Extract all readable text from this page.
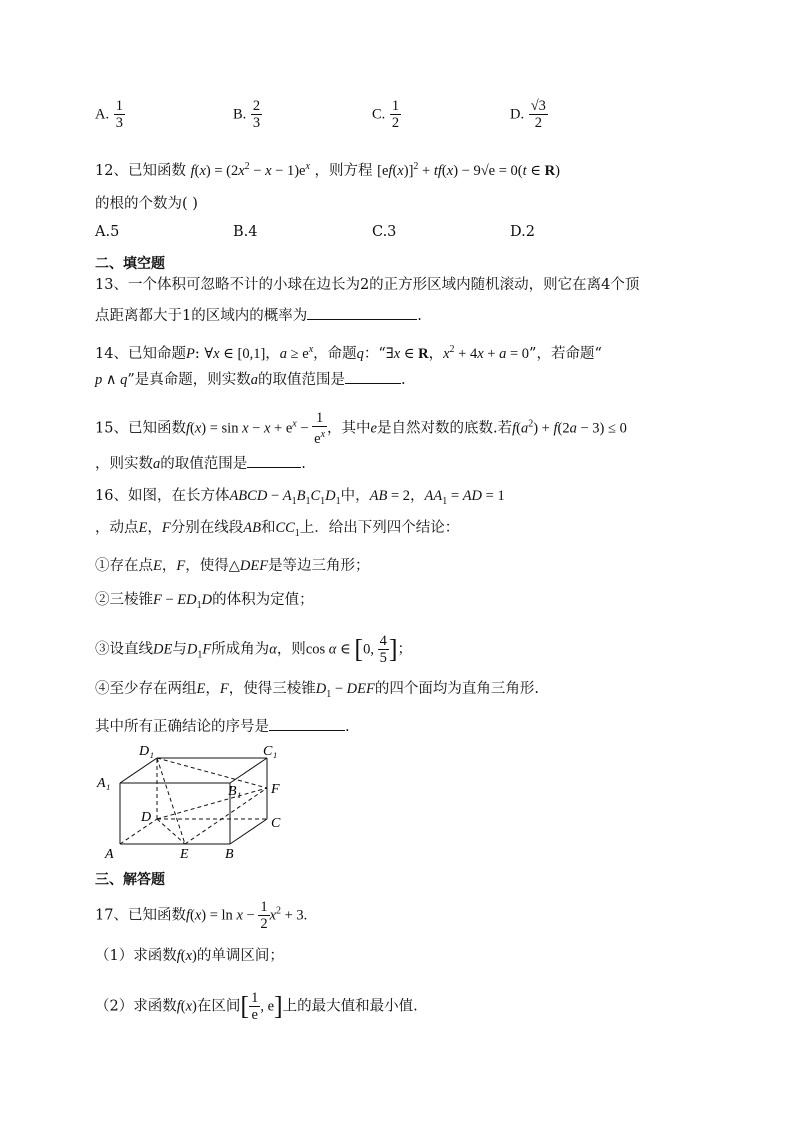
A. $\frac{1}{3}$	B. $\frac{2}{3}$	C. $\frac{1}{2}$	D. $\frac{√3}{2}$
12、已知函数 $f(x) = (2x^2 - x - 1)e^x$ ，则方程 $[ef(x)]^2 + tf(x) - 9√e = 0(t$ ∈ R)
的根的个数为( )
A.5	B.4	C.3	D.2
二、填空题
13、一个体积可忽略不计的小球在边长为2的正方形区域内随机滚动，则它在离4个顶
点距离都大于1的区域内的概率为	.
14、已知命题P: ∀x ∈ [0,1]，$a \ge e^x$，命题q：“∃x ∈ R，$x^2 + 4x + a = 0$”，若命题“
p ∧ q”是真命题，则实数a的取值范围是	.
15、已知函数$f(x) = \sin x - x + e^x - \frac{1}{e^x}$ ，其中e是自然对数的底数.若$f(a^2) + f(2a - 3) \le 0$
，则实数a的取值范围是	.
16、如图，在长方体ABCD − $A_1B_1C_1D_1$中，AB = 2，$AA_1$ = AD = 1
，动点E，F分别在线段AB和$CC_1$上．给出下列四个结论：
①存在点E，F，使得△DEF是等边三角形；
②三棱锥$F - ED_1D$的体积为定值；
③设直线DE与$D_1F$所成角为α，则cos α ∈ [0, $\frac{4}{5}$ ]；
④至少存在两组E，F，使得三棱锥$D_1$ − DEF的四个面均为直角三角形.
其中所有正确结论的序号是	.
D₁	C₁
A₁
B₁ F
D	C
A	E	B
三、解答题
17、已知函数$f(x) = \ln x - \frac{1}{2} x^2 + 3$.
（1）求函数f(x)的单调区间；
（2）求函数f(x)在区间[ $\frac{1}{e}$ , e]上的最大值和最小值.
